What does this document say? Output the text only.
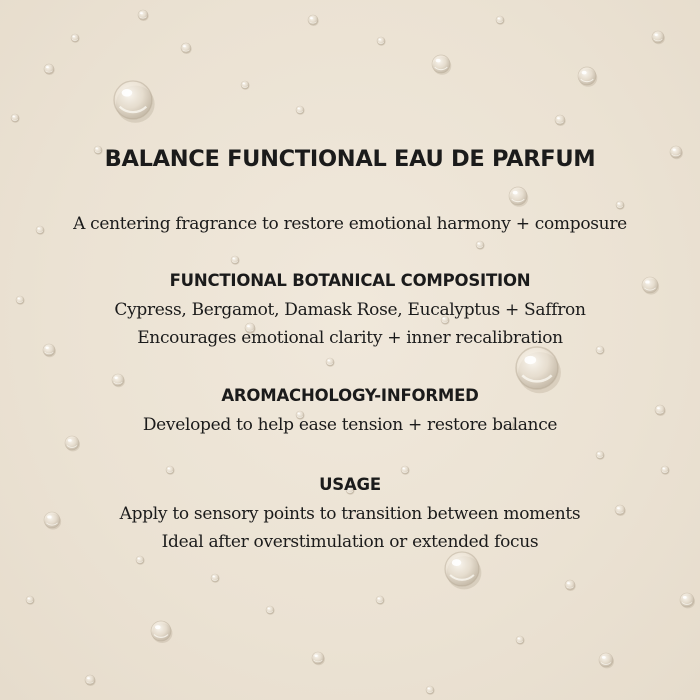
BALANCE FUNCTIONAL EAU DE PARFUM

A centering fragrance to restore emotional harmony + composure

FUNCTIONAL BOTANICAL COMPOSITION
Cypress, Bergamot, Damask Rose, Eucalyptus + Saffron
Encourages emotional clarity + inner recalibration
AROMACHOLOGY-INFORMED
Developed to help ease tension + restore balance
USAGE
Apply to sensory points to transition between moments
Ideal after overstimulation or extended focus
